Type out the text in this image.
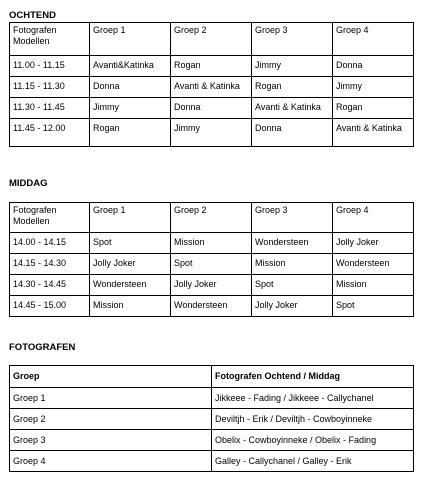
OCHTEND
Fotografen Modellen	Groep 1	Groep 2	Groep 3	Groep 4
11.00 - 11.15	Avanti&Katinka	Rogan	Jimmy	Donna
11.15 - 11.30	Donna	Avanti & Katinka	Rogan	Jimmy
11.30 - 11.45	Jimmy	Donna	Avanti & Katinka	Rogan
11.45 - 12.00	Rogan	Jimmy	Donna	Avanti & Katinka
MIDDAG
Fotografen Modellen	Groep 1	Groep 2	Groep 3	Groep 4
14.00 - 14.15	Spot	Mission	Wondersteen	Jolly Joker
14.15 - 14.30	Jolly Joker	Spot	Mission	Wondersteen
14.30 - 14.45	Wondersteen	Jolly Joker	Spot	Mission
14.45 - 15.00	Mission	Wondersteen	Jolly Joker	Spot
FOTOGRAFEN
Groep	Fotografen Ochtend / Middag
Groep 1	Jikkeee - Fading / Jikkeee - Callychanel
Groep 2	Deviltjh - Erik / Deviltjh - Cowboyinneke
Groep 3	Obelix - Cowboyinneke / Obelix - Fading
Groep 4	Galley - Callychanel / Galley - Erik
